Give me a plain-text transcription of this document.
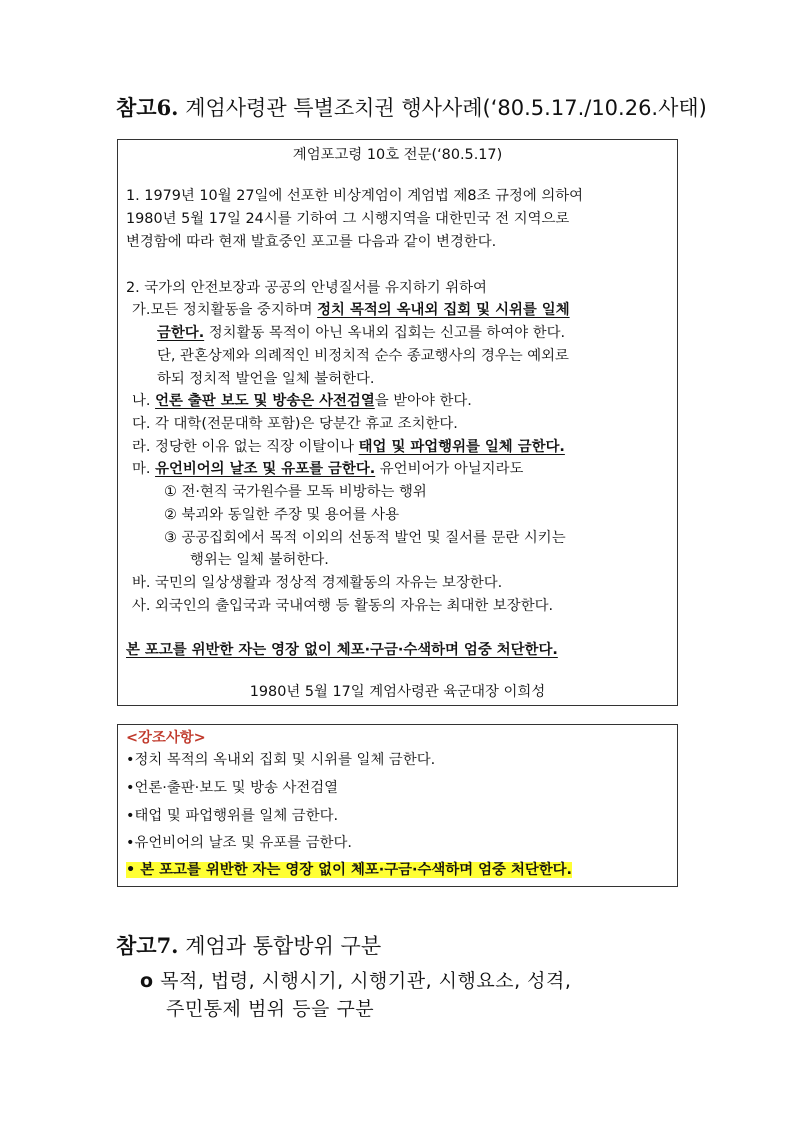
참고6. 계엄사령관 특별조치권 행사사례(‘80.5.17./10.26.사태)
계엄포고령 10호 전문(‘80.5.17)
1. 1979년 10월 27일에 선포한 비상계엄이 계엄법 제8조 규정에 의하여
1980년 5월 17일 24시를 기하여 그 시행지역을 대한민국 전 지역으로
변경함에 따라 현재 발효중인 포고를 다음과 같이 변경한다.
2. 국가의 안전보장과 공공의 안녕질서를 유지하기 위하여
가.모든 정치활동을 중지하며 정치 목적의 옥내외 집회 및 시위를 일체
금한다. 정치활동 목적이 아닌 옥내외 집회는 신고를 하여야 한다.
단, 관혼상제와 의례적인 비정치적 순수 종교행사의 경우는 예외로
하되 정치적 발언을 일체 불허한다.
나. 언론 출판 보도 및 방송은 사전검열을 받아야 한다.
다. 각 대학(전문대학 포함)은 당분간 휴교 조치한다.
라. 정당한 이유 없는 직장 이탈이나 태업 및 파업행위를 일체 금한다.
마. 유언비어의 날조 및 유포를 금한다. 유언비어가 아닐지라도
① 전·현직 국가원수를 모독 비방하는 행위
② 북괴와 동일한 주장 및 용어를 사용
③ 공공집회에서 목적 이외의 선동적 발언 및 질서를 문란 시키는
행위는 일체 불허한다.
바. 국민의 일상생활과 정상적 경제활동의 자유는 보장한다.
사. 외국인의 출입국과 국내여행 등 활동의 자유는 최대한 보장한다.
본 포고를 위반한 자는 영장 없이 체포·구금·수색하며 엄중 처단한다.
1980년 5월 17일 계엄사령관 육군대장 이희성
<강조사항>
•정치 목적의 옥내외 집회 및 시위를 일체 금한다.
•언론·출판·보도 및 방송 사전검열
•태업 및 파업행위를 일체 금한다.
•유언비어의 날조 및 유포를 금한다.
• 본 포고를 위반한 자는 영장 없이 체포·구금·수색하며 엄중 처단한다.
참고7. 계엄과 통합방위 구분
o 목적, 법령, 시행시기, 시행기관, 시행요소, 성격,
주민통제 범위 등을 구분
